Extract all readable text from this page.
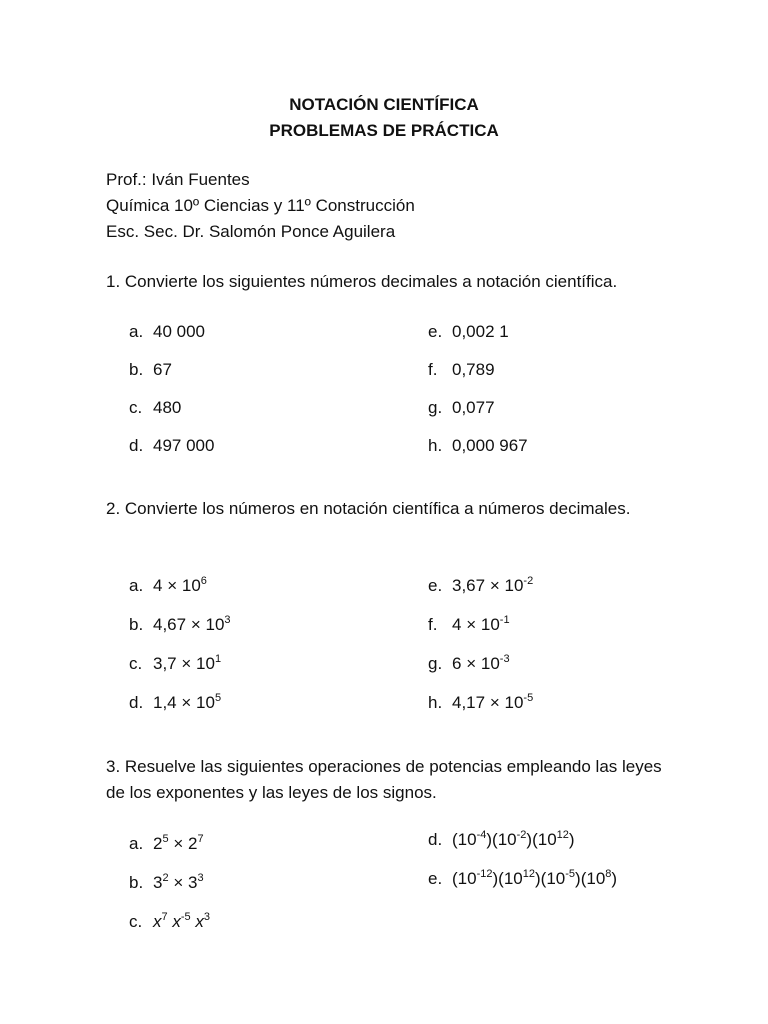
NOTACIÓN CIENTÍFICA
PROBLEMAS DE PRÁCTICA
Prof.: Iván Fuentes
Química 10º Ciencias y 11º Construcción
Esc. Sec. Dr. Salomón Ponce Aguilera
1. Convierte los siguientes números decimales a notación científica.
a. 40 000
b. 67
c. 480
d. 497 000
e. 0,002 1
f. 0,789
g. 0,077
h. 0,000 967
2. Convierte los números en notación científica a números decimales.
a. $4 \times 10^6$
b. $4,67 \times 10^3$
c. $3,7 \times 10^1$
d. $1,4 \times 10^5$
e. $3,67 \times 10^{-2}$
f. $4 \times 10^{-1}$
g. $6 \times 10^{-3}$
h. $4,17 \times 10^{-5}$
3. Resuelve las siguientes operaciones de potencias empleando las leyes de los exponentes y las leyes de los signos.
a. $2^5 \times 2^7$
b. $3^2 \times 3^3$
c. $x^7$ $x^{-5}$ $x^3$
d. $(10^{-4})(10^{-2})(10^{12})$
e. $(10^{-12})(10^{12})(10^{-5})(10^8)$
